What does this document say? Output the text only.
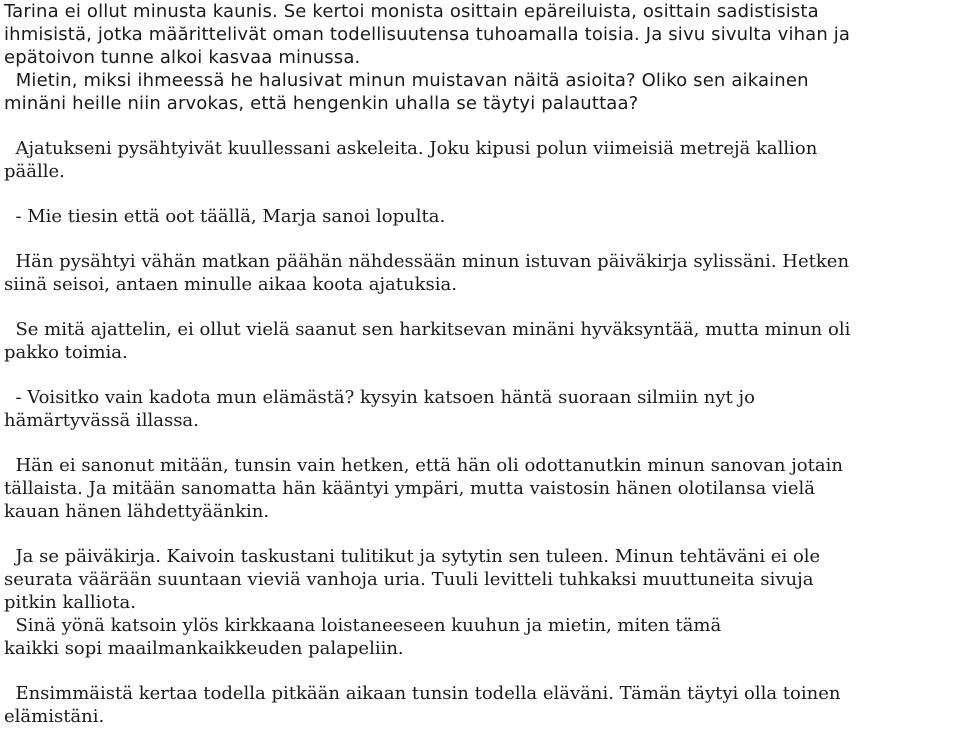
Tarina ei ollut minusta kaunis. Se kertoi monista osittain epäreiluista, osittain sadistisista
ihmisistä, jotka mäărittelivät oman todellisuutensa tuhoamalla toisia. Ja sivu sivulta vihan ja
epätoivon tunne alkoi kasvaa minussa.
Mietin, miksi ihmeessä he halusivat minun muistavan näitä asioita? Oliko sen aikainen
minäni heille niin arvokas, että hengenkin uhalla se täytyi palauttaa?
Ajatukseni pysähtyivät kuullessani askeleita. Joku kipusi polun viimeisiä metrejä kallion
päälle.
- Mie tiesin että oot täällä, Marja sanoi lopulta.
Hän pysähtyi vähän matkan päähän nähdessään minun istuvan päiväkirja sylissäni. Hetken
siinä seisoi, antaen minulle aikaa koota ajatuksia.
Se mitä ajattelin, ei ollut vielä saanut sen harkitsevan minäni hyväksyntää, mutta minun oli
pakko toimia.
- Voisitko vain kadota mun elämästä? kysyin katsoen häntä suoraan silmiin nyt jo
hämärtyvässä illassa.
Hän ei sanonut mitään, tunsin vain hetken, että hän oli odottanutkin minun sanovan jotain
tällaista. Ja mitään sanomatta hän kääntyi ympäri, mutta vaistosin hänen olotilansa vielä
kauan hänen lähdettyäänkin.
Ja se päiväkirja. Kaivoin taskustani tulitikut ja sytytin sen tuleen. Minun tehtäväni ei ole
seurata väärään suuntaan vieviä vanhoja uria. Tuuli levitteli tuhkaksi muuttuneita sivuja
pitkin kalliota.
Sinä yönä katsoin ylös kirkkaana loistaneeseen kuuhun ja mietin, miten tämä
kaikki sopi maailmankaikkeuden palapeliin.
Ensimmäistä kertaa todella pitkään aikaan tunsin todella eläväni. Tämän täytyi olla toinen
elämistäni.
